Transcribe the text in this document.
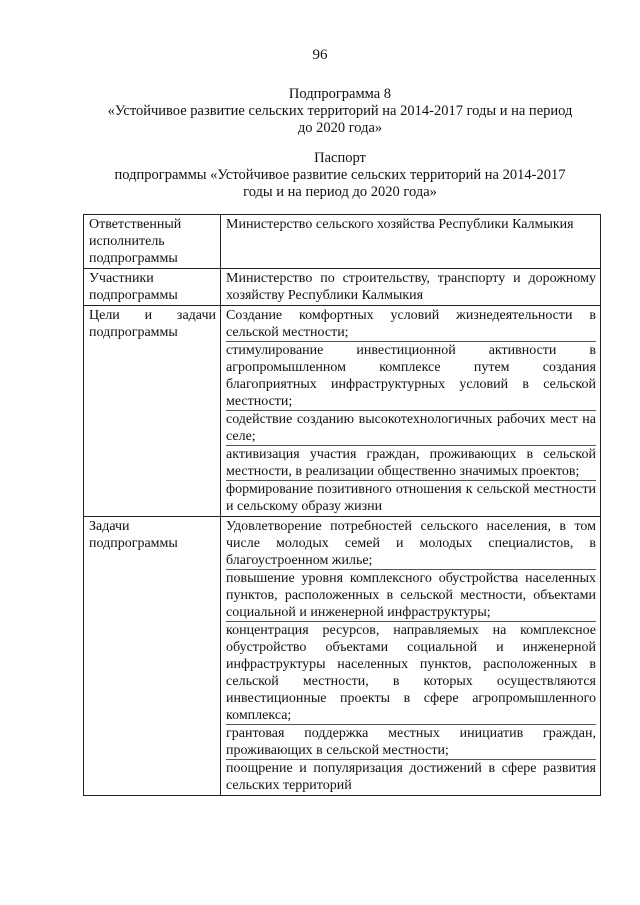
96
Подпрограмма 8
«Устойчивое развитие сельских территорий на 2014-2017 годы и на период
до 2020 года»
Паспорт
подпрограммы «Устойчивое развитие сельских территорий на 2014-2017
годы и на период до 2020 года»
Ответственный
исполнитель
подпрограммы	Министерство сельского хозяйства Республики Калмыкия

Участники
подпрограммы	Министерство по строительству, транспорту и дорожному хозяйству Республики Калмыкия

Цели и задачи
подпрограммы	Создание комфортных условий жизнедеятельности в сельской местности;
стимулирование инвестиционной активности в агропромышленном комплексе путем создания благоприятных инфраструктурных условий в сельской местности;
содействие созданию высокотехнологичных рабочих мест на селе;
активизация участия граждан, проживающих в сельской местности, в реализации общественно значимых проектов;
формирование позитивного отношения к сельской местности и сельскому образу жизни

Задачи
подпрограммы	Удовлетворение потребностей сельского населения, в том числе молодых семей и молодых специалистов, в благоустроенном жилье;
повышение уровня комплексного обустройства населенных пунктов, расположенных в сельской местности, объектами социальной и инженерной инфраструктуры;
концентрация ресурсов, направляемых на комплексное обустройство объектами социальной и инженерной инфраструктуры населенных пунктов, расположенных в сельской местности, в которых осуществляются инвестиционные проекты в сфере агропромышленного комплекса;
грантовая поддержка местных инициатив граждан, проживающих в сельской местности;
поощрение и популяризация достижений в сфере развития сельских территорий
